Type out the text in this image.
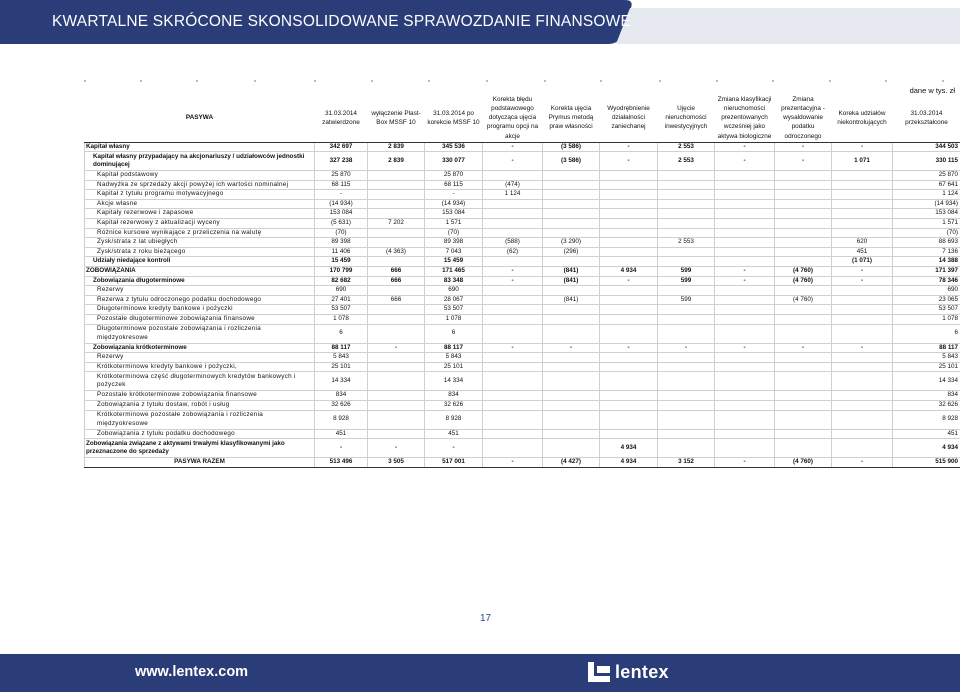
KWARTALNE SKRÓCONE SKONSOLIDOWANE SPRAWOZDANIE FINANSOWE
dane w tys. zł
PASYWA	31.03.2014 zatwierdzone	wyłączenie Plast-Box MSSF 10	31.03.2014 po korekcie MSSF 10	Korekta błędu podstawowego dotycząca ujęcia programu opcji na akcje	Korekta ujęcia Prymus metodą praw własności	Wyodrębnienie działalności zaniechanej	Ujęcie nieruchomości inwestycyjnych	Zmiana klasyfikacji nieruchomości prezentowanych wcześniej jako aktywa biologiczne	Zmiana prezentacyjna - wysaldowanie podatku odroczonego	Koreka udziałów niekontrolujących	31.03.2014 przekształcone
Kapitał własny	342 697	2 839	345 536	-	(3 586)	-	2 553	-	-	-	344 503
Kapitał własny przypadający na akcjonariuszy / udziałowców jednostki dominującej	327 238	2 839	330 077	-	(3 586)	-	2 553	-	-	1 071	330 115
Kapitał podstawowy	25 870		25 870								25 870
Nadwyżka ze sprzedaży akcji powyżej ich wartości nominalnej	68 115		68 115	(474)							67 641
Kapitał z tytułu programu motywacyjnego	-		-	1 124							1 124
Akcje własne	(14 934)		(14 934)								(14 934)
Kapitały rezerwowe i zapasowe	153 084		153 084								153 084
Kapitał rezerwowy z aktualizacji wyceny	(5 631)	7 202	1 571								1 571
Różnice kursowe wynikające z przeliczenia na walutę	(70)		(70)								(70)
Zysk/strata z lat ubiegłych	89 398		89 398	(588)	(3 290)		2 553			620	88 693
Zysk/strata z roku bieżącego	11 406	(4 363)	7 043	(62)	(296)					451	7 136
Udziały niedające kontroli	15 459		15 459							(1 071)	14 388
ZOBOWIĄZANIA	170 799	666	171 465	-	(841)	4 934	599	-	(4 760)	-	171 397
Zobowiązania długoterminowe	82 682	666	83 348	-	(841)	-	599	-	(4 760)	-	78 346
Rezerwy	690		690								690
Rezerwa z tytułu odroczonego podatku dochodowego	27 401	666	28 067		(841)		599		(4 760)		23 065
Długoterminowe kredyty bankowe i pożyczki	53 507		53 507								53 507
Pozostałe długoterminowe zobowiązania finansowe	1 078		1 078								1 078
Długoterminowe pozostałe zobowiązania i rozliczenia międzyokresowe	6		6								6
Zobowiązania krótkoterminowe	88 117	-	88 117	-	-	-	-	-	-	-	88 117
Rezerwy	5 843		5 843								5 843
Krótkoterminowe kredyty bankowe i pożyczki,	25 101		25 101								25 101
Krótkoterminowa część długoterminowych kredytów bankowych i pożyczek	14 334		14 334								14 334
Pozostałe krótkoterminowe zobowiązania finansowe	834		834								834
Zobowiązania z tytułu dostaw, robót i usług	32 626		32 626								32 626
Krótkoterminowe pozostałe zobowiązania i rozliczenia międzyokresowe	8 928		8 928								8 928
Zobowiązania z tytułu podatku dochodowego	451		451								451
Zobowiązania związane z aktywami trwałymi klasyfikowanymi jako przeznaczone do sprzedaży	-	-	-			4 934					4 934
PASYWA RAZEM	513 496	3 505	517 001	-	(4 427)	4 934	3 152	-	(4 760)	-	515 900
17
www.lentex.com	lentex
